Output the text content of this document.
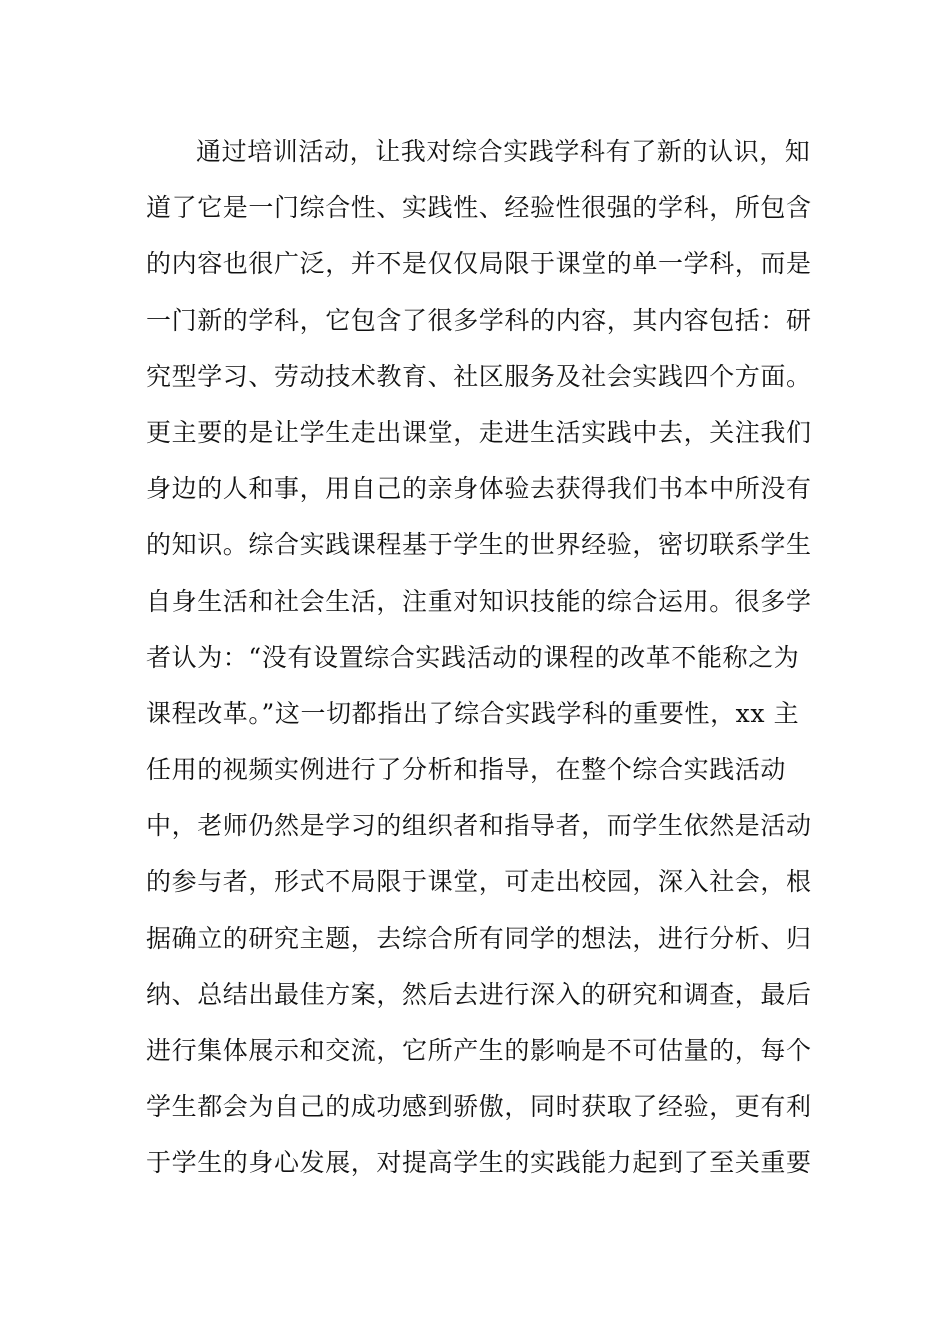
通过培训活动，让我对综合实践学科有了新的认识，知
道了它是一门综合性、实践性、经验性很强的学科，所包含
的内容也很广泛，并不是仅仅局限于课堂的单一学科，而是
一门新的学科，它包含了很多学科的内容，其内容包括：研
究型学习、劳动技术教育、社区服务及社会实践四个方面。
更主要的是让学生走出课堂，走进生活实践中去，关注我们
身边的人和事，用自己的亲身体验去获得我们书本中所没有
的知识。综合实践课程基于学生的世界经验，密切联系学生
自身生活和社会生活，注重对知识技能的综合运用。很多学
者认为：“没有设置综合实践活动的课程的改革不能称之为
课程改革。”这一切都指出了综合实践学科的重要性，xx 主
任用的视频实例进行了分析和指导，在整个综合实践活动
中，老师仍然是学习的组织者和指导者，而学生依然是活动
的参与者，形式不局限于课堂，可走出校园，深入社会，根
据确立的研究主题，去综合所有同学的想法，进行分析、归
纳、总结出最佳方案，然后去进行深入的研究和调查，最后
进行集体展示和交流，它所产生的影响是不可估量的，每个
学生都会为自己的成功感到骄傲，同时获取了经验，更有利
于学生的身心发展，对提高学生的实践能力起到了至关重要
